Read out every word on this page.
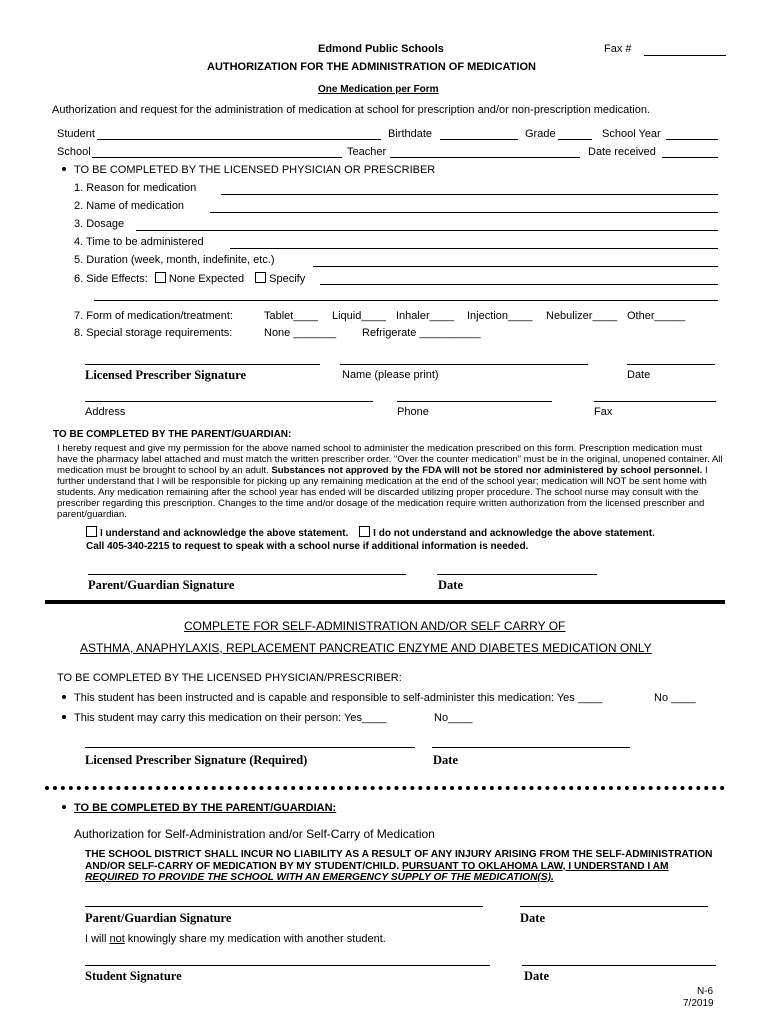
Edmond Public Schools	Fax #
AUTHORIZATION FOR THE ADMINISTRATION OF MEDICATION
One Medication per Form
Authorization and request for the administration of medication at school for prescription and/or non-prescription medication.
Student	Birthdate	Grade	School Year
School	Teacher	Date received
TO BE COMPLETED BY THE LICENSED PHYSICIAN OR PRESCRIBER
1. Reason for medication
2. Name of medication
3. Dosage
4. Time to be administered
5. Duration (week, month, indefinite, etc.)
6. Side Effects: None Expected Specify
7. Form of medication/treatment:	Tablet____ Liquid____ Inhaler____ Injection____ Nebulizer____ Other_____
8. Special storage requirements:	None _______ Refrigerate __________
Licensed Prescriber Signature	Name (please print)	Date
Address	Phone	Fax
TO BE COMPLETED BY THE PARENT/GUARDIAN:
I hereby request and give my permission for the above named school to administer the medication prescribed on this form. Prescription medication must have the pharmacy label attached and must match the written prescriber order. “Over the counter medication” must be in the original, unopened container. All medication must be brought to school by an adult. Substances not approved by the FDA will not be stored nor administered by school personnel. I further understand that I will be responsible for picking up any remaining medication at the end of the school year; medication will NOT be sent home with students. Any medication remaining after the school year has ended will be discarded utilizing proper procedure. The school nurse may consult with the prescriber regarding this prescription. Changes to the time and/or dosage of the medication require written authorization from the licensed prescriber and parent/guardian.
I understand and acknowledge the above statement. I do not understand and acknowledge the above statement.
Call 405-340-2215 to request to speak with a school nurse if additional information is needed.
Parent/Guardian Signature	Date
COMPLETE FOR SELF-ADMINISTRATION AND/OR SELF CARRY OF
ASTHMA, ANAPHYLAXIS, REPLACEMENT PANCREATIC ENZYME AND DIABETES MEDICATION ONLY
TO BE COMPLETED BY THE LICENSED PHYSICIAN/PRESCRIBER:
This student has been instructed and is capable and responsible to self-administer this medication: Yes ____	No ____
This student may carry this medication on their person: Yes____	No____
Licensed Prescriber Signature (Required)	Date
TO BE COMPLETED BY THE PARENT/GUARDIAN:
Authorization for Self-Administration and/or Self-Carry of Medication
THE SCHOOL DISTRICT SHALL INCUR NO LIABILITY AS A RESULT OF ANY INJURY ARISING FROM THE SELF-ADMINISTRATION AND/OR SELF-CARRY OF MEDICATION BY MY STUDENT/CHILD. PURSUANT TO OKLAHOMA LAW, I UNDERSTAND I AM REQUIRED TO PROVIDE THE SCHOOL WITH AN EMERGENCY SUPPLY OF THE MEDICATION(S).
Parent/Guardian Signature	Date
I will not knowingly share my medication with another student.
Student Signature	Date
N-6
7/2019
